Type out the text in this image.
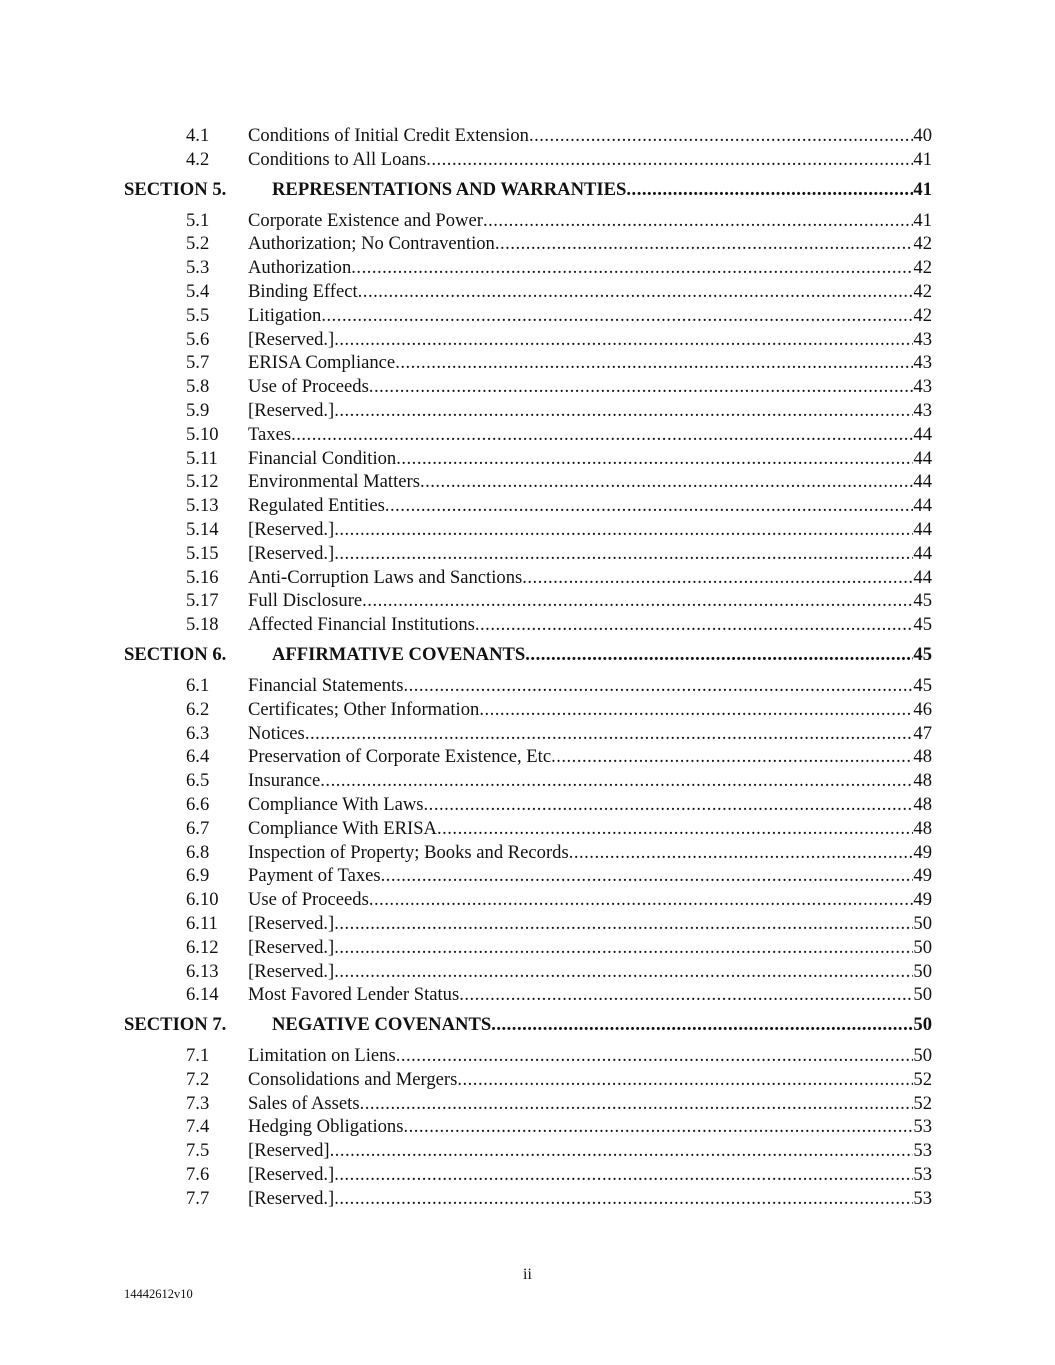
4.1	Conditions of Initial Credit Extension .....	40
4.2	Conditions to All Loans .....	41
SECTION 5.	REPRESENTATIONS AND WARRANTIES .....	41
5.1	Corporate Existence and Power .....	41
5.2	Authorization; No Contravention .....	42
5.3	Authorization .....	42
5.4	Binding Effect .....	42
5.5	Litigation .....	42
5.6	[Reserved.] .....	43
5.7	ERISA Compliance .....	43
5.8	Use of Proceeds .....	43
5.9	[Reserved.] .....	43
5.10	Taxes .....	44
5.11	Financial Condition .....	44
5.12	Environmental Matters .....	44
5.13	Regulated Entities .....	44
5.14	[Reserved.] .....	44
5.15	[Reserved.] .....	44
5.16	Anti-Corruption Laws and Sanctions .....	44
5.17	Full Disclosure .....	45
5.18	Affected Financial Institutions .....	45
SECTION 6.	AFFIRMATIVE COVENANTS .....	45
6.1	Financial Statements .....	45
6.2	Certificates; Other Information .....	46
6.3	Notices .....	47
6.4	Preservation of Corporate Existence, Etc .....	48
6.5	Insurance .....	48
6.6	Compliance With Laws .....	48
6.7	Compliance With ERISA .....	48
6.8	Inspection of Property; Books and Records .....	49
6.9	Payment of Taxes .....	49
6.10	Use of Proceeds .....	49
6.11	[Reserved.] .....	50
6.12	[Reserved.] .....	50
6.13	[Reserved.] .....	50
6.14	Most Favored Lender Status .....	50
SECTION 7.	NEGATIVE COVENANTS .....	50
7.1	Limitation on Liens .....	50
7.2	Consolidations and Mergers .....	52
7.3	Sales of Assets .....	52
7.4	Hedging Obligations .....	53
7.5	[Reserved] .....	53
7.6	[Reserved.] .....	53
7.7	[Reserved.] .....	53
ii
14442612v10
